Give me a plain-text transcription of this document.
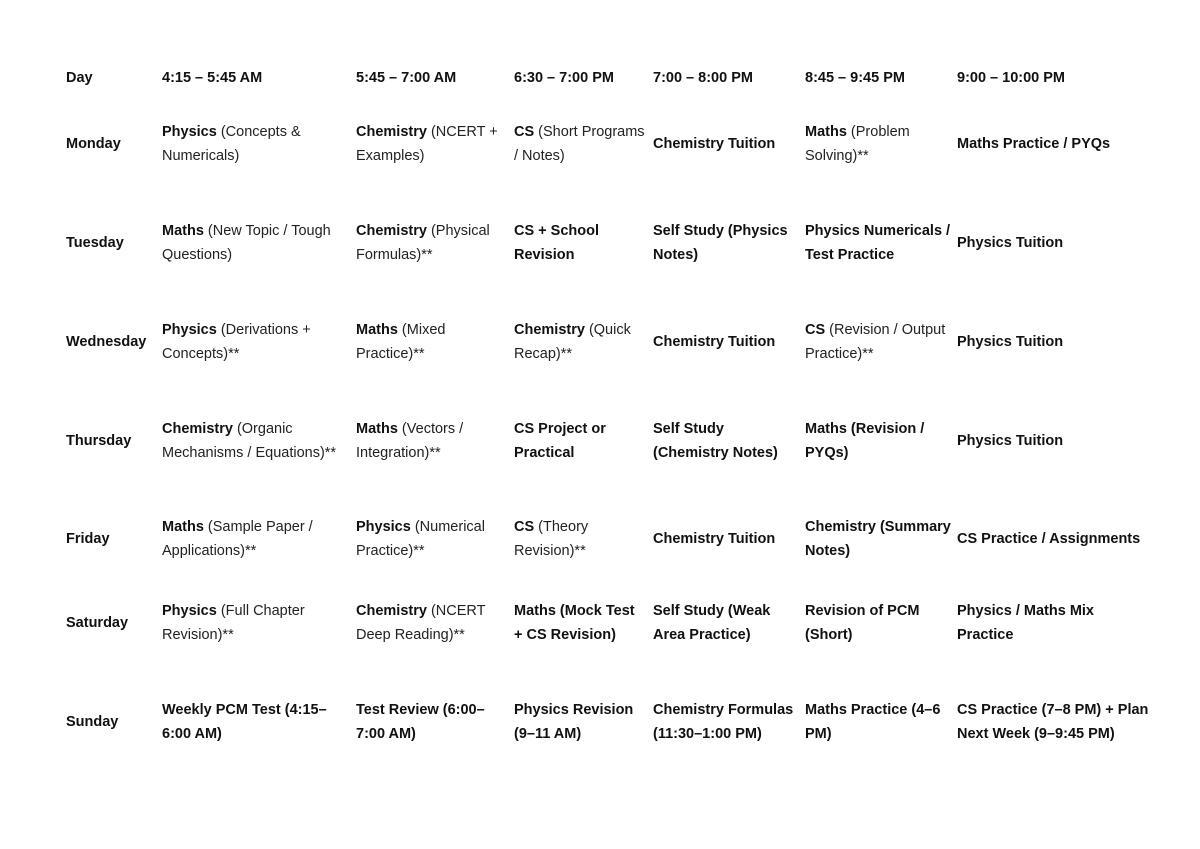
Day	4:15 – 5:45 AM	5:45 – 7:00 AM	6:30 – 7:00 PM	7:00 – 8:00 PM	8:45 – 9:45 PM	9:00 – 10:00 PM
Monday	Physics (Concepts & Numericals)	Chemistry (NCERT + Examples)	CS (Short Programs / Notes)	Chemistry Tuition	Maths (Problem Solving)**	Maths Practice / PYQs

Tuesday	Maths (New Topic / Tough Questions)	Chemistry (Physical Formulas)**	CS + School Revision	Self Study (Physics Notes)	Physics Numericals / Test Practice	Physics Tuition

Wednesday	Physics (Derivations + Concepts)**	Maths (Mixed Practice)**	Chemistry (Quick Recap)**	Chemistry Tuition	CS (Revision / Output Practice)**	Physics Tuition

Thursday	Chemistry (Organic Mechanisms / Equations)**	Maths (Vectors / Integration)**	CS Project or Practical	Self Study (Chemistry Notes)	Maths (Revision / PYQs)	Physics Tuition

Friday	Maths (Sample Paper / Applications)**	Physics (Numerical Practice)**	CS (Theory Revision)**	Chemistry Tuition	Chemistry (Summary Notes)	CS Practice / Assignments

Saturday	Physics (Full Chapter Revision)**	Chemistry (NCERT Deep Reading)**	Maths (Mock Test + CS Revision)	Self Study (Weak Area Practice)	Revision of PCM (Short)	Physics / Maths Mix Practice

Sunday	Weekly PCM Test (4:15–6:00 AM)	Test Review (6:00–7:00 AM)	Physics Revision (9–11 AM)	Chemistry Formulas (11:30–1:00 PM)	Maths Practice (4–6 PM)	CS Practice (7–8 PM) + Plan Next Week (9–9:45 PM)
